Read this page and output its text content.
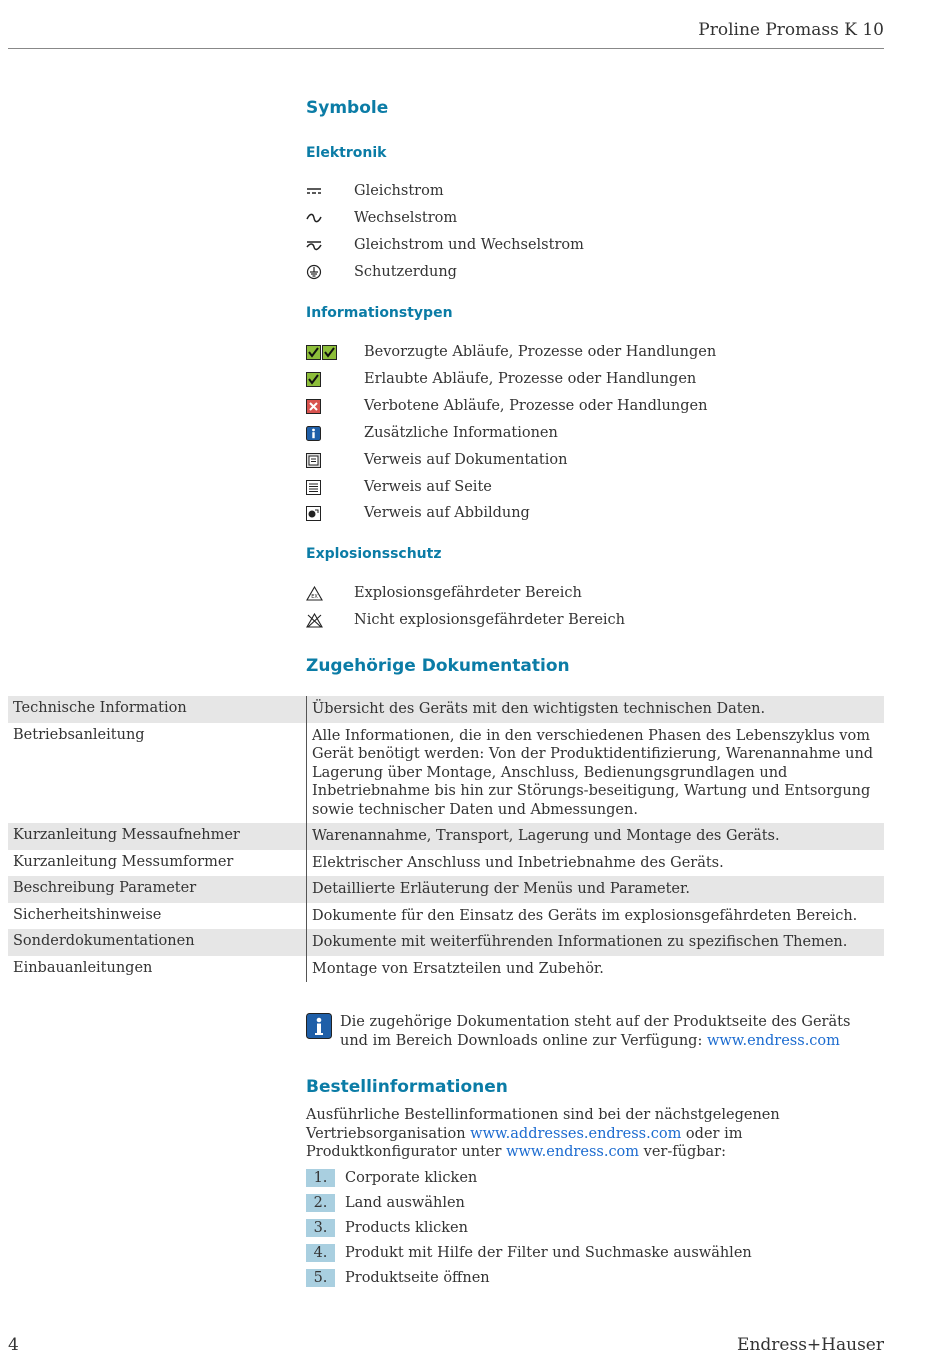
Proline Promass K 10
Symbole
Elektronik
Gleichstrom
Wechselstrom
Gleichstrom und Wechselstrom
Schutzerdung
Informationstypen
Bevorzugte Abläufe, Prozesse oder Handlungen
Erlaubte Abläufe, Prozesse oder Handlungen
Verbotene Abläufe, Prozesse oder Handlungen
Zusätzliche Informationen
Verweis auf Dokumentation
Verweis auf Seite
Verweis auf Abbildung
Explosionsschutz
EX Explosionsgefährdeter Bereich
Nicht explosionsgefährdeter Bereich
Zugehörige Dokumentation
Technische Information	Übersicht des Geräts mit den wichtigsten technischen Daten.
Betriebsanleitung	Alle Informationen, die in den verschiedenen Phasen des Lebenszyklus vom Gerät benötigt werden: Von der Produktidentifizierung, Warenannahme und Lagerung über Montage, Anschluss, Bedienungsgrundlagen und Inbetriebnahme bis hin zur Störungs-beseitigung, Wartung und Entsorgung sowie technischer Daten und Abmessungen.
Kurzanleitung Messaufnehmer	Warenannahme, Transport, Lagerung und Montage des Geräts.
Kurzanleitung Messumformer	Elektrischer Anschluss und Inbetriebnahme des Geräts.
Beschreibung Parameter	Detaillierte Erläuterung der Menüs und Parameter.
Sicherheitshinweise	Dokumente für den Einsatz des Geräts im explosionsgefährdeten Bereich.
Sonderdokumentationen	Dokumente mit weiterführenden Informationen zu spezifischen Themen.
Einbauanleitungen	Montage von Ersatzteilen und Zubehör.
Die zugehörige Dokumentation steht auf der Produktseite des Geräts und im Bereich Downloads online zur Verfügung: www.endress.com
Bestellinformationen
Ausführliche Bestellinformationen sind bei der nächstgelegenen Vertriebsorganisation www.addresses.endress.com oder im Produktkonfigurator unter www.endress.com ver-fügbar:
1.	Corporate klicken
2.	Land auswählen
3.	Products klicken
4.	Produkt mit Hilfe der Filter und Suchmaske auswählen
5.	Produktseite öffnen
4	Endress+Hauser
